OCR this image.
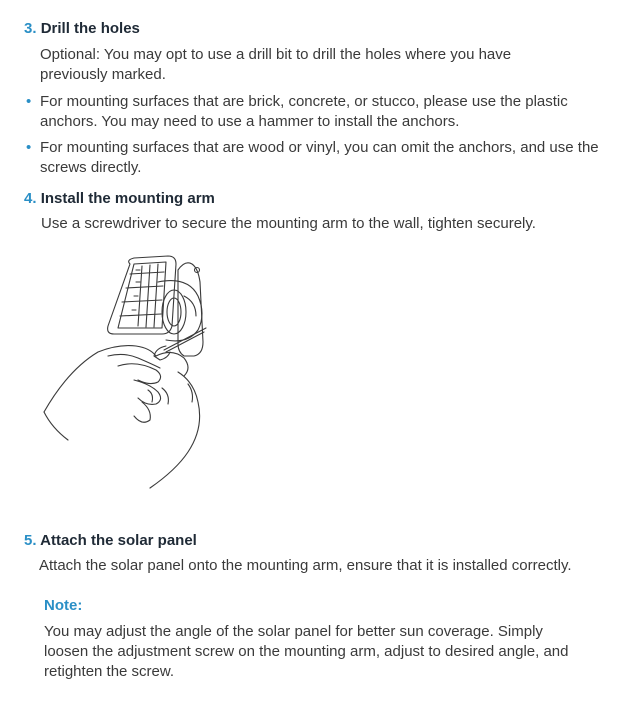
3. Drill the holes
Optional: You may opt to use a drill bit to drill the holes where you have previously marked.
• For mounting surfaces that are brick, concrete, or stucco, please use the plastic anchors. You may need to use a hammer to install the anchors.
• For mounting surfaces that are wood or vinyl, you can omit the anchors, and use the screws directly.
4. Install the mounting arm
Use a screwdriver to secure the mounting arm to the wall, tighten securely.
5. Attach the solar panel
Attach the solar panel onto the mounting arm, ensure that it is installed correctly.
Note:
You may adjust the angle of the solar panel for better sun coverage. Simply loosen the adjustment screw on the mounting arm, adjust to desired angle, and retighten the screw.
